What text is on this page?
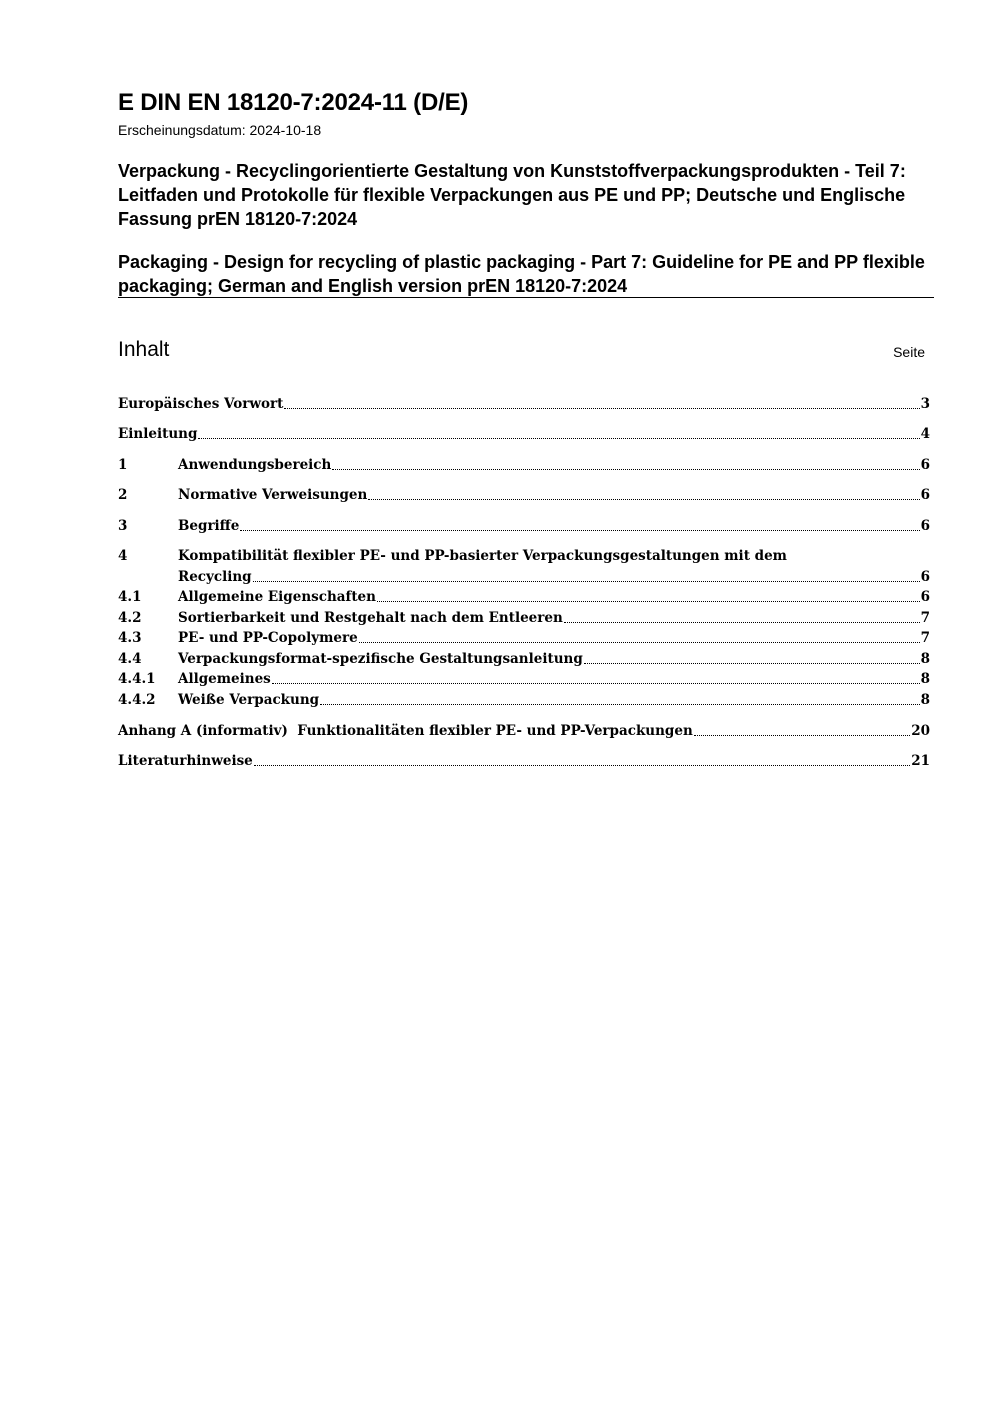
E DIN EN 18120-7:2024-11 (D/E)
Erscheinungsdatum: 2024-10-18
Verpackung - Recyclingorientierte Gestaltung von Kunststoffverpackungsprodukten - Teil 7: Leitfaden und Protokolle für flexible Verpackungen aus PE und PP; Deutsche und Englische Fassung prEN 18120-7:2024
Packaging - Design for recycling of plastic packaging - Part 7: Guideline for PE and PP flexible packaging; German and English version prEN 18120-7:2024
Inhalt	Seite
Europäisches Vorwort	3
Einleitung	4
1	Anwendungsbereich	6
2	Normative Verweisungen	6
3	Begriffe	6
4	Kompatibilität flexibler PE- und PP-basierter Verpackungsgestaltungen mit dem
Recycling	6
4.1	Allgemeine Eigenschaften	6
4.2	Sortierbarkeit und Restgehalt nach dem Entleeren	7
4.3	PE- und PP-Copolymere	7
4.4	Verpackungsformat-spezifische Gestaltungsanleitung	8
4.4.1	Allgemeines	8
4.4.2	Weiße Verpackung	8
Anhang A (informativ)  Funktionalitäten flexibler PE- und PP-Verpackungen	20
Literaturhinweise	21
